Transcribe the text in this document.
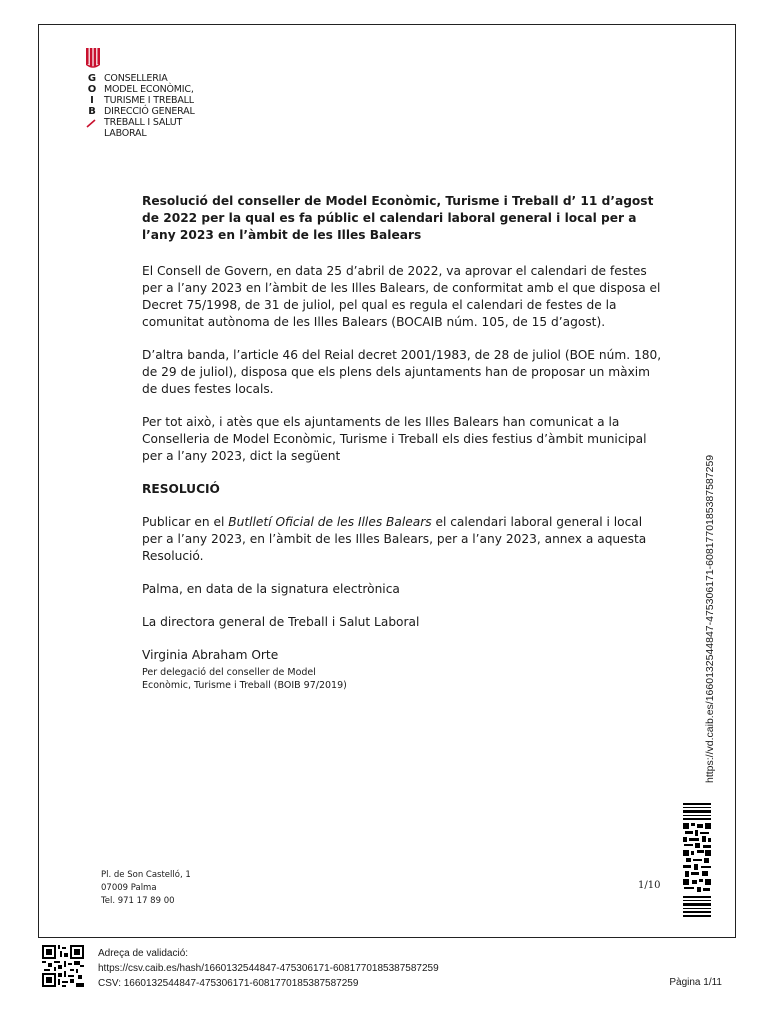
G
O
I
B
CONSELLERIA
MODEL ECONÒMIC,
TURISME I TREBALL
DIRECCIÓ GENERAL
TREBALL I SALUT
LABORAL

Resolució del conseller de Model Econòmic, Turisme i Treball d’ 11 d’agost de 2022 per la qual es fa públic el calendari laboral general i local per a l’any 2023 en l’àmbit de les Illes Balears

El Consell de Govern, en data 25 d’abril de 2022, va aprovar el calendari de festes per a l’any 2023 en l’àmbit de les Illes Balears, de conformitat amb el que disposa el Decret 75/1998, de 31 de juliol, pel qual es regula el calendari de festes de la comunitat autònoma de les Illes Balears (BOCAIB núm. 105, de 15 d’agost).

D’altra banda, l’article 46 del Reial decret 2001/1983, de 28 de juliol (BOE núm. 180, de 29 de juliol), disposa que els plens dels ajuntaments han de proposar un màxim de dues festes locals.

Per tot això, i atès que els ajuntaments de les Illes Balears han comunicat a la Conselleria de Model Econòmic, Turisme i Treball els dies festius d’àmbit municipal per a l’any 2023, dict la següent

RESOLUCIÓ

Publicar en el Butlletí Oficial de les Illes Balears el calendari laboral general i local per a l’any 2023, en l’àmbit de les Illes Balears, per a l’any 2023, annex a aquesta Resolució.

Palma, en data de la signatura electrònica

La directora general de Treball i Salut Laboral

Virginia Abraham Orte

Per delegació del conseller de Model
Econòmic, Turisme i Treball (BOIB 97/2019)

Pl. de Son Castelló, 1
07009 Palma
Tel. 971 17 89 00
1/10
https://vd.caib.es/1660132544847-475306171-6081770185387587259
Adreça de validació:
https://csv.caib.es/hash/1660132544847-475306171-6081770185387587259
CSV: 1660132544847-475306171-6081770185387587259	Pàgina 1/11
